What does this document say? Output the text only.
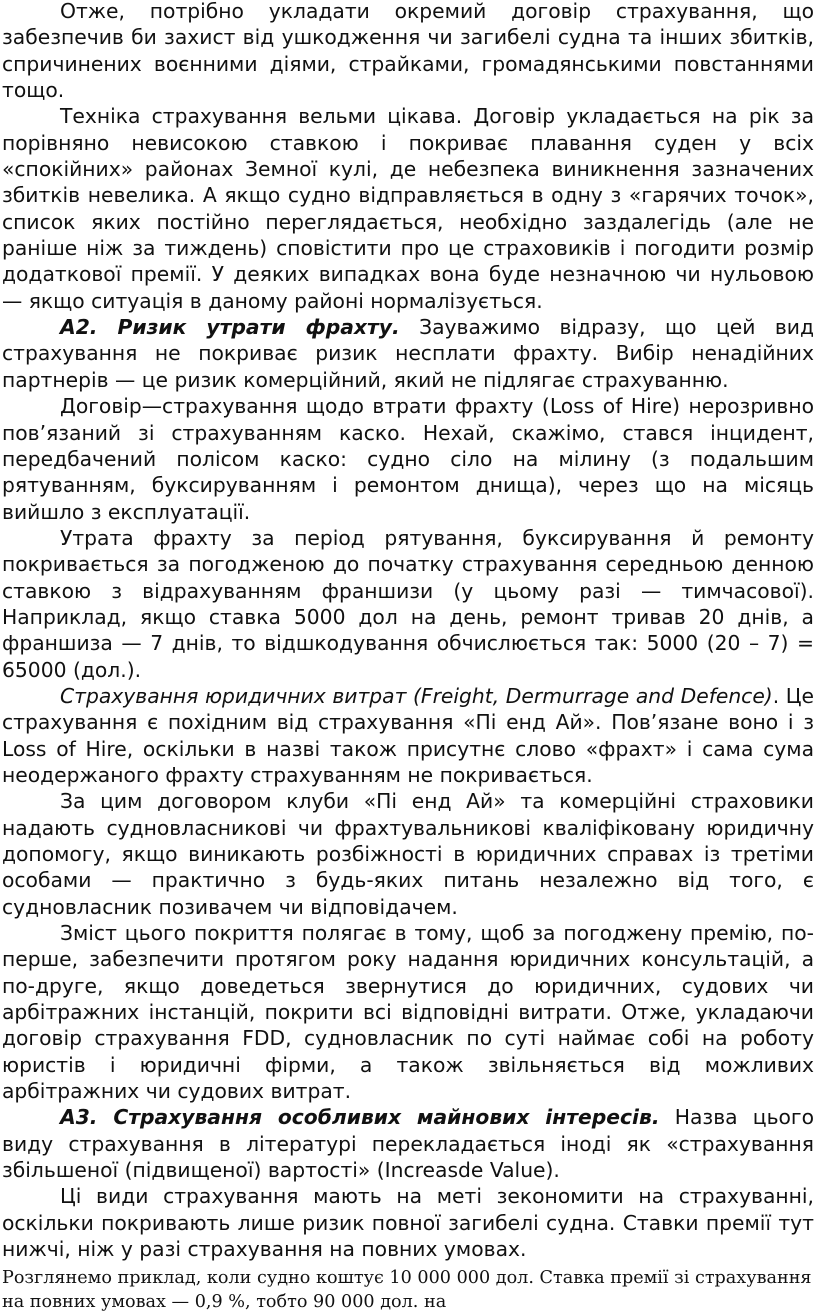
Отже, потрібно укладати окремий договір страхування, що забезпечив би захист від ушкодження чи загибелі судна та інших збитків, спричинених воєнними діями, страйками, громадянськими повстаннями тощо.

Техніка страхування вельми цікава. Договір укладається на рік за порівняно невисокою ставкою і покриває плавання суден у всіх «спокійних» районах Земної кулі, де небезпека виникнення зазначених збитків невелика. А якщо судно відправляється в одну з «гарячих точок», список яких постійно переглядається, необхідно заздалегідь (але не раніше ніж за тиждень) сповістити про це страховиків і погодити розмір додаткової премії. У деяких випадках вона буде незначною чи нульовою — якщо ситуація в даному районі нормалізується.

А2. Ризик утрати фрахту. Зауважимо відразу, що цей вид страхування не покриває ризик несплати фрахту. Вибір ненадійних партнерів — це ризик комерційний, який не підлягає страхуванню.

Договір—страхування щодо втрати фрахту (Loss of Hire) нерозривно пов’язаний зі страхуванням каско. Нехай, скажімо, стався інцидент, передбачений полісом каско: судно сіло на мілину (з подальшим рятуванням, буксируванням і ремонтом днища), через що на місяць вийшло з експлуатації.

Утрата фрахту за період рятування, буксирування й ремонту покривається за погодженою до початку страхування середньою денною ставкою з відрахуванням франшизи (у цьому разі — тимчасової). Наприклад, якщо ставка 5000 дол на день, ремонт тривав 20 днів, а франшиза — 7 днів, то відшкодування обчислюється так: 5000 (20 – 7) = 65000 (дол.).

Страхування юридичних витрат (Freight, Dermurrage and Defence). Це страхування є похідним від страхування «Пі енд Ай». Пов’язане воно і з Loss of Hire, оскільки в назві також присутнє слово «фрахт» і сама сума неодержаного фрахту страхуванням не покривається.

За цим договором клуби «Пі енд Ай» та комерційні страховики надають судновласникові чи фрахтувальникові кваліфіковану юридичну допомогу, якщо виникають розбіжності в юридичних справах із третіми особами — практично з будь-яких питань незалежно від того, є судновласник позивачем чи відповідачем.

Зміст цього покриття полягає в тому, щоб за погоджену премію, по-перше, забезпечити протягом року надання юридичних консультацій, а по-друге, якщо доведеться звернутися до юридичних, судових чи арбітражних інстанцій, покрити всі відповідні витрати. Отже, укладаючи договір страхування FDD, судновласник по суті наймає собі на роботу юристів і юридичні фірми, а також звільняється від можливих арбітражних чи судових витрат.

А3. Страхування особливих майнових інтересів. Назва цього виду страхування в літературі перекладається іноді як «страхування збільшеної (підвищеної) вартості» (Increasde Value).

Ці види страхування мають на меті зекономити на страхуванні, оскільки покривають лише ризик повної загибелі судна. Ставки премії тут нижчі, ніж у разі страхування на повних умовах.

Розглянемо приклад, коли судно коштує 10 000 000 дол. Ставка премії зі страхування на повних умовах — 0,9 %, тобто 90 000 дол. на
